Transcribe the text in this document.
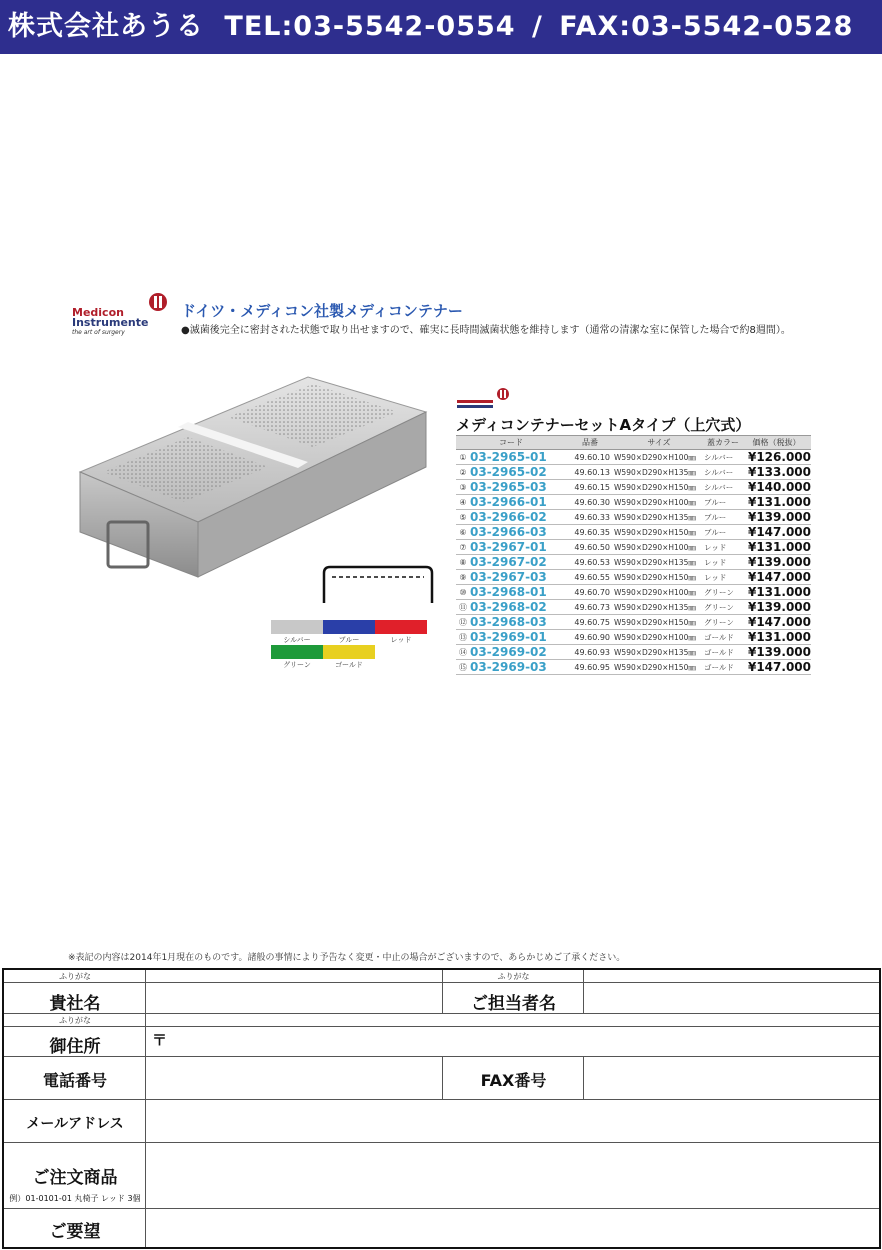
株式会社あうる TEL:03-5542-0554 / FAX:03-5542-0528
Medicon
Instrumente
the art of surgery
ドイツ・メディコン社製メディコンテナー
●滅菌後完全に密封された状態で取り出せますので、確実に長時間滅菌状態を維持します（通常の清潔な室に保管した場合で約8週間）。
シルバー	ブルー	レッド
グリーン	ゴールド
メディコンテナーセットAタイプ（上穴式）
コード		品番	サイズ	蓋カラー	価格（税抜）
①	03-2965-01	49.60.10	W590×D290×H100㎜	シルバー	¥126.000
②	03-2965-02	49.60.13	W590×D290×H135㎜	シルバー	¥133.000
③	03-2965-03	49.60.15	W590×D290×H150㎜	シルバー	¥140.000
④	03-2966-01	49.60.30	W590×D290×H100㎜	ブルー	¥131.000
⑤	03-2966-02	49.60.33	W590×D290×H135㎜	ブルー	¥139.000
⑥	03-2966-03	49.60.35	W590×D290×H150㎜	ブルー	¥147.000
⑦	03-2967-01	49.60.50	W590×D290×H100㎜	レッド	¥131.000
⑧	03-2967-02	49.60.53	W590×D290×H135㎜	レッド	¥139.000
⑨	03-2967-03	49.60.55	W590×D290×H150㎜	レッド	¥147.000
⑩	03-2968-01	49.60.70	W590×D290×H100㎜	グリーン	¥131.000
⑪	03-2968-02	49.60.73	W590×D290×H135㎜	グリーン	¥139.000
⑫	03-2968-03	49.60.75	W590×D290×H150㎜	グリーン	¥147.000
⑬	03-2969-01	49.60.90	W590×D290×H100㎜	ゴールド	¥131.000
⑭	03-2969-02	49.60.93	W590×D290×H135㎜	ゴールド	¥139.000
⑮	03-2969-03	49.60.95	W590×D290×H150㎜	ゴールド	¥147.000
※表記の内容は2014年1月現在のものです。諸般の事情により予告なく変更・中止の場合がございますので、あらかじめご了承ください。
ふりがな	ふりがな
貴社名	ご担当者名
ふりがな
御住所	〒
電話番号	FAX番号
メールアドレス
ご注文商品
例）01-0101-01 丸椅子 レッド 3個
ご要望
